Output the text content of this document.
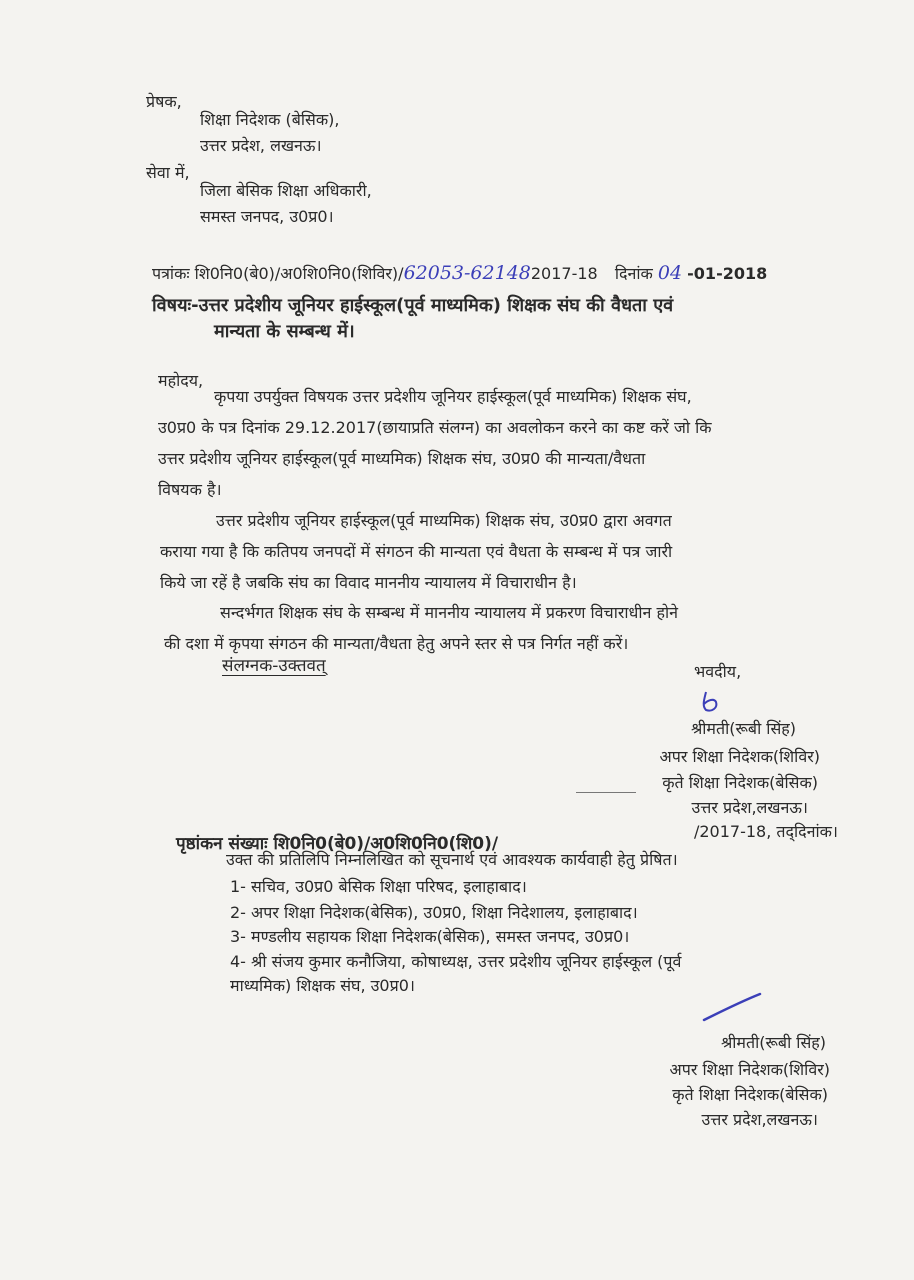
प्रेषक,
शिक्षा निदेशक (बेसिक),
उत्तर प्रदेश, लखनऊ।
सेवा में,
जिला बेसिक शिक्षा अधिकारी,
समस्त जनपद, उ0प्र0।
पत्रांकः शि0नि0(बे0)/अ0शि0नि0(शिविर)/62053-621482017-18 दिनांक 04 -01-2018
विषयः-उत्तर प्रदेशीय जूनियर हाईस्कूल(पूर्व माध्यमिक) शिक्षक संघ की वैधता एवं
मान्यता के सम्बन्ध में।
महोदय,
कृपया उपर्युक्त विषयक उत्तर प्रदेशीय जूनियर हाईस्कूल(पूर्व माध्यमिक) शिक्षक संघ,
उ0प्र0 के पत्र दिनांक 29.12.2017(छायाप्रति संलग्न) का अवलोकन करने का कष्ट करें जो कि
उत्तर प्रदेशीय जूनियर हाईस्कूल(पूर्व माध्यमिक) शिक्षक संघ, उ0प्र0 की मान्यता/वैधता
विषयक है।
उत्तर प्रदेशीय जूनियर हाईस्कूल(पूर्व माध्यमिक) शिक्षक संघ, उ0प्र0 द्वारा अवगत
कराया गया है कि कतिपय जनपदों में संगठन की मान्यता एवं वैधता के सम्बन्ध में पत्र जारी
किये जा रहें है जबकि संघ का विवाद माननीय न्यायालय में विचाराधीन है।
सन्दर्भगत शिक्षक संघ के सम्बन्ध में माननीय न्यायालय में प्रकरण विचाराधीन होने
की दशा में कृपया संगठन की मान्यता/वैधता हेतु अपने स्तर से पत्र निर्गत नहीं करें।
संलग्नक-उक्तवत्	भवदीय,
श्रीमती(रूबी सिंह)
अपर शिक्षा निदेशक(शिविर)
कृते शिक्षा निदेशक(बेसिक)
उत्तर प्रदेश,लखनऊ।
पृष्ठांकन संख्याः शि0नि0(बे0)/अ0शि0नि0(शि0)/
/2017-18, तद्‌दिनांक।
उक्त की प्रतिलिपि निम्नलिखित को सूचनार्थ एवं आवश्यक कार्यवाही हेतु प्रेषित।
1- सचिव, उ0प्र0 बेसिक शिक्षा परिषद, इलाहाबाद।
2- अपर शिक्षा निदेशक(बेसिक), उ0प्र0, शिक्षा निदेशालय, इलाहाबाद।
3- मण्डलीय सहायक शिक्षा निदेशक(बेसिक), समस्त जनपद, उ0प्र0।
4- श्री संजय कुमार कनौजिया, कोषाध्यक्ष, उत्तर प्रदेशीय जूनियर हाईस्कूल (पूर्व
माध्यमिक) शिक्षक संघ, उ0प्र0।
श्रीमती(रूबी सिंह)
अपर शिक्षा निदेशक(शिविर)
कृते शिक्षा निदेशक(बेसिक)
उत्तर प्रदेश,लखनऊ।
